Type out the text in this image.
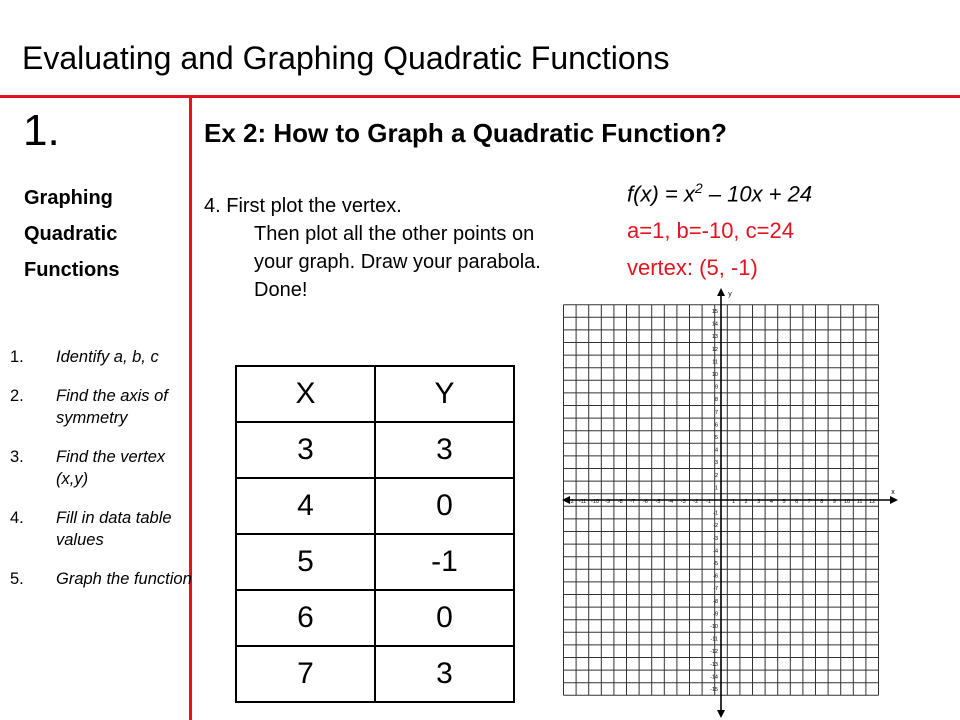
Evaluating and Graphing Quadratic Functions
1.
Graphing
Quadratic
Functions
1. Identify a, b, c
2. Find the axis of symmetry
3. Find the vertex (x,y)
4. Fill in data table values
5. Graph the function
Ex 2: How to Graph a Quadratic Function?
4. First plot the vertex.
Then plot all the other points on your graph. Draw your parabola. Done!
$f(x) = x^2 - 10x + 24$
a=1, b=-10, c=24
vertex: (5, -1)
X	Y
3	3
4	0
5	-1
6	0
7	3
x
y
-12 -11 -10 -9 -8 -7 -6 -5 -4 -3 -2 -1	1 2 3 4 5 6 7 8 9 10 11 12
15
14
13
12
11
10
9
8
7
6
5
4
3
2
1
-1
-2
-3
-4
-5
-6
-7
-8
-9
-10
-11
-12
-13
-14
-15
